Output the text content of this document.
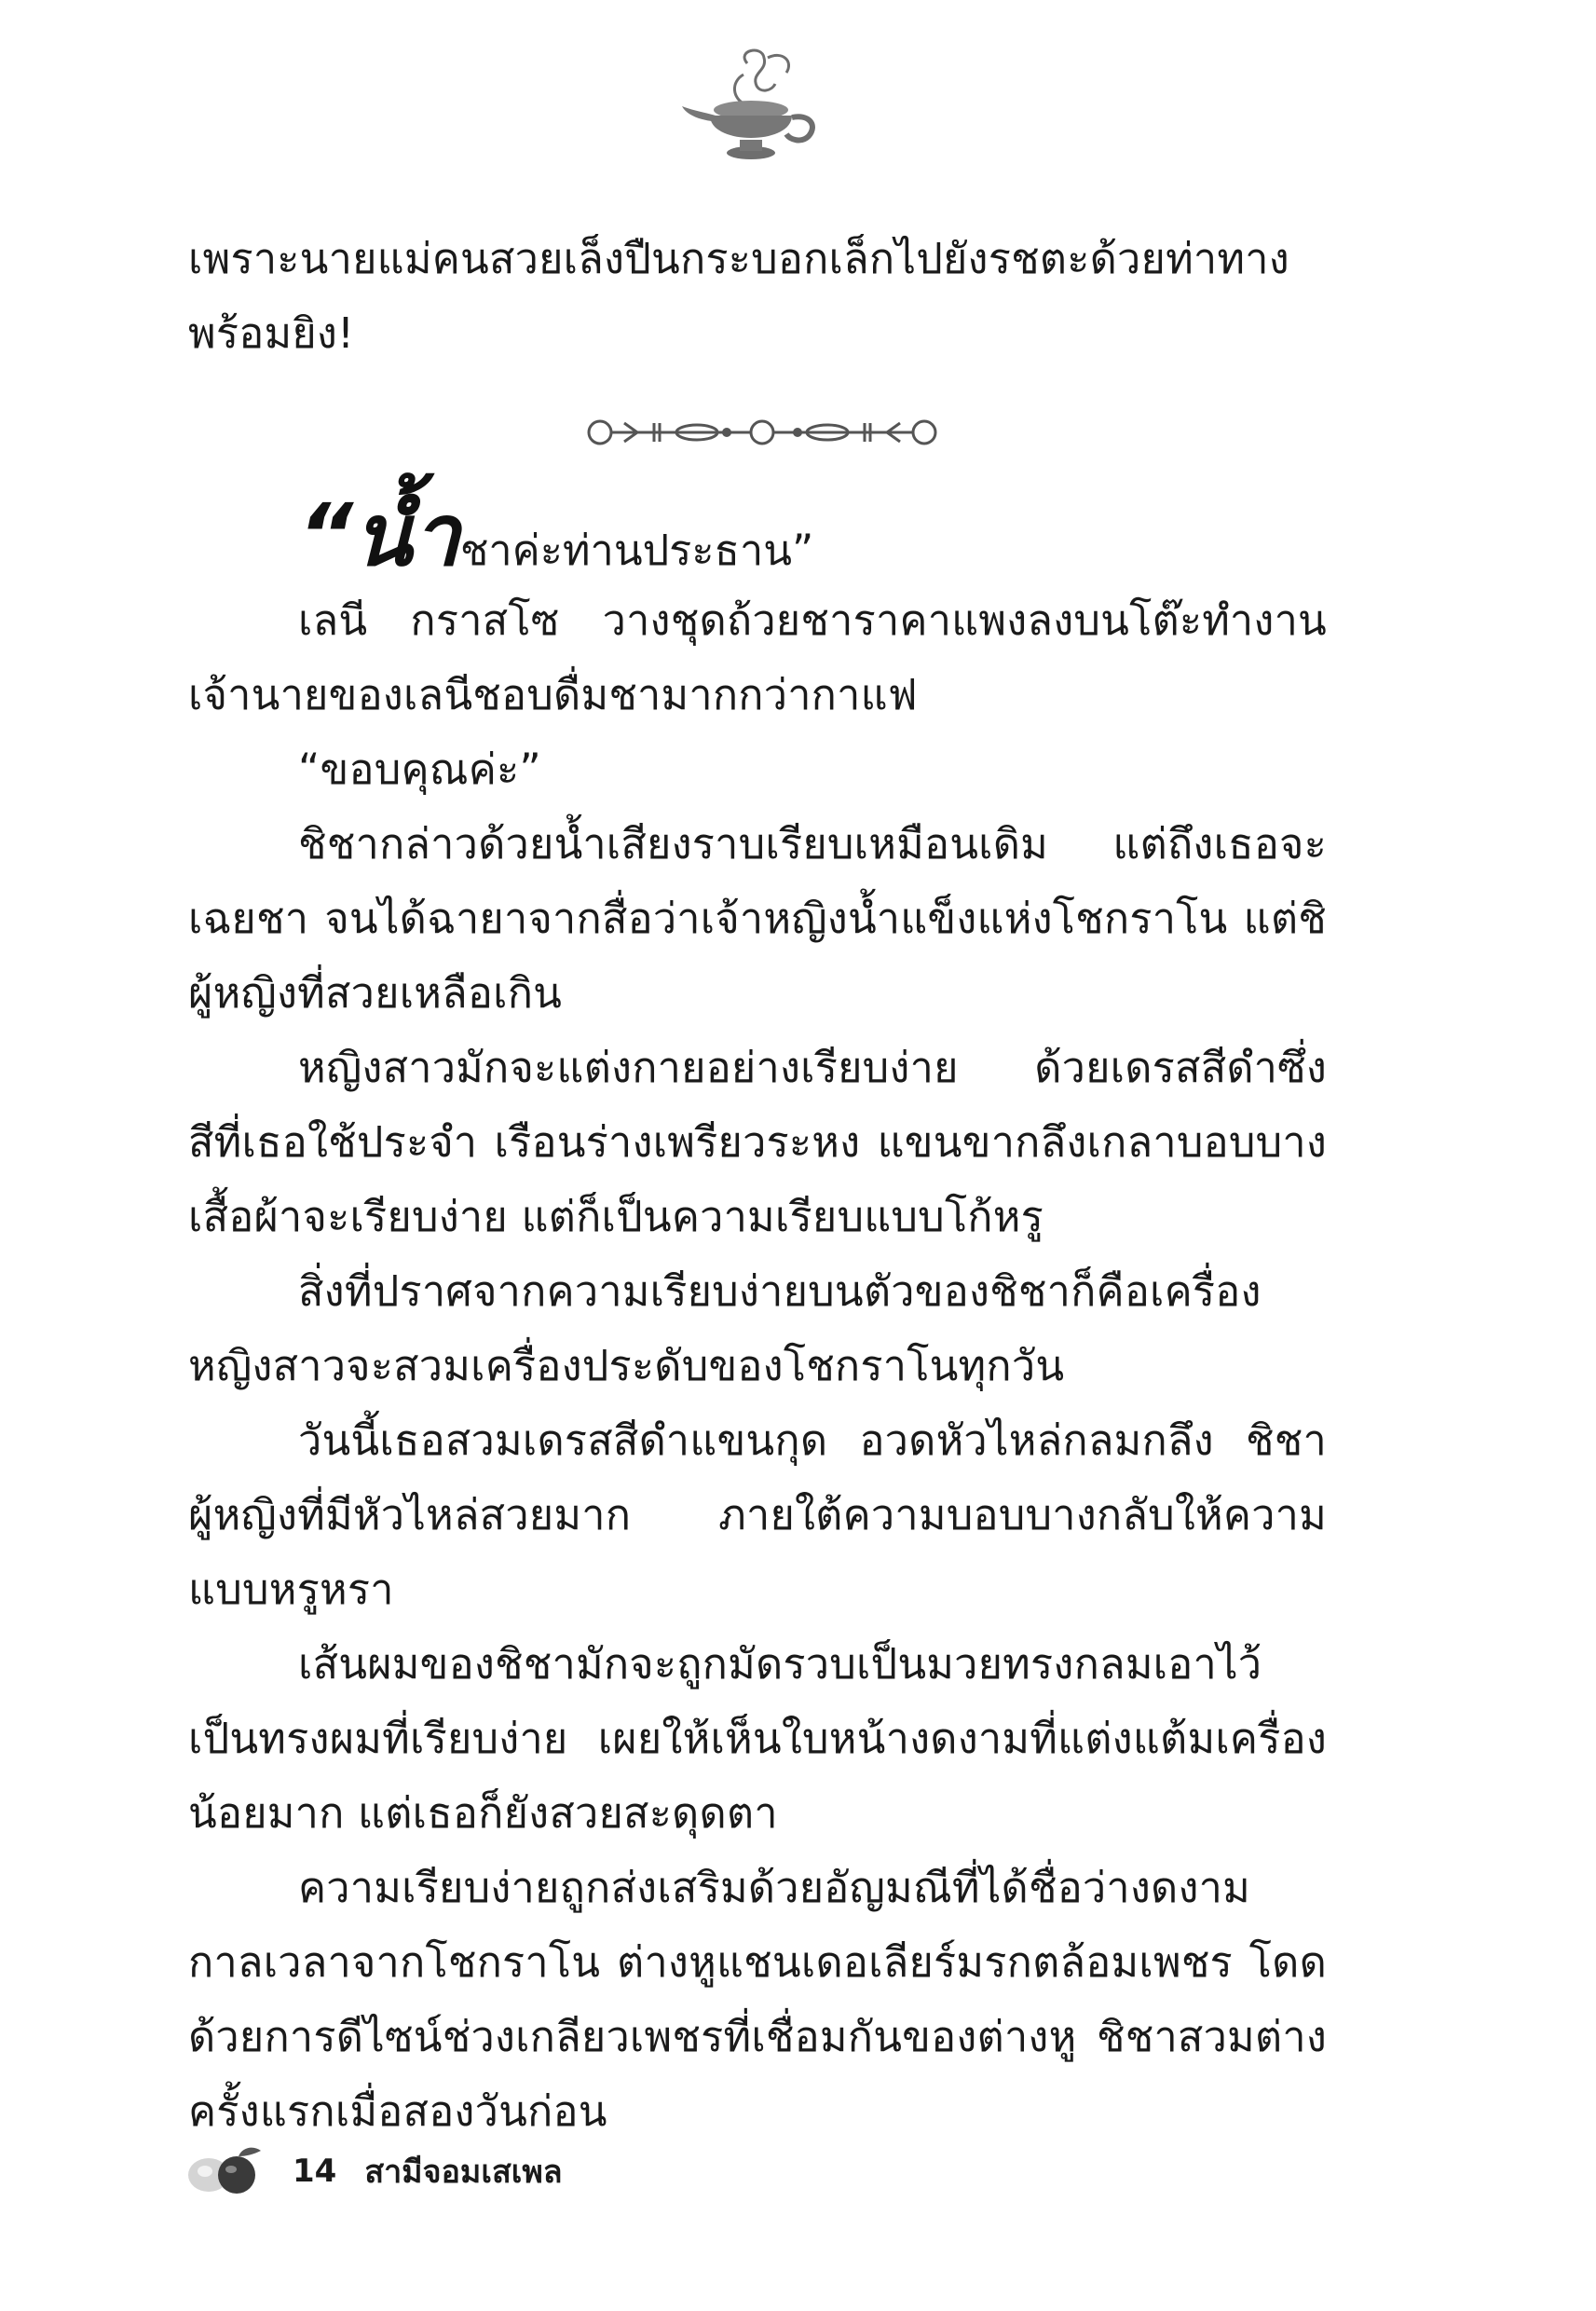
เพราะนายแม่คนสวยเล็งปืนกระบอกเล็กไปยังรชตะด้วยท่าทาง
พร้อมยิง!
“น้ำชาค่ะท่านประธาน”
เลนี กราสโซ วางชุดถ้วยชาราคาแพงลงบนโต๊ะทำงาน
เจ้านายของเลนีชอบดื่มชามากกว่ากาแฟ
“ขอบคุณค่ะ”
ชิชากล่าวด้วยน้ำเสียงราบเรียบเหมือนเดิม แต่ถึงเธอจะ
เฉยชา จนได้ฉายาจากสื่อว่าเจ้าหญิงน้ำแข็งแห่งโชกราโน แต่ชิ
ผู้หญิงที่สวยเหลือเกิน
หญิงสาวมักจะแต่งกายอย่างเรียบง่าย ด้วยเดรสสีดำซึ่ง
สีที่เธอใช้ประจำ เรือนร่างเพรียวระหง แขนขากลึงเกลาบอบบาง
เสื้อผ้าจะเรียบง่าย แต่ก็เป็นความเรียบแบบโก้หรู
สิ่งที่ปราศจากความเรียบง่ายบนตัวของชิชาก็คือเครื่อง
หญิงสาวจะสวมเครื่องประดับของโชกราโนทุกวัน
วันนี้เธอสวมเดรสสีดำแขนกุด อวดหัวไหล่กลมกลึง ชิชา
ผู้หญิงที่มีหัวไหล่สวยมาก ภายใต้ความบอบบางกลับให้ความ
แบบหรูหรา
เส้นผมของชิชามักจะถูกมัดรวบเป็นมวยทรงกลมเอาไว้
เป็นทรงผมที่เรียบง่าย เผยให้เห็นใบหน้างดงามที่แต่งแต้มเครื่อง
น้อยมาก แต่เธอก็ยังสวยสะดุดตา
ความเรียบง่ายถูกส่งเสริมด้วยอัญมณีที่ได้ชื่อว่างดงาม
กาลเวลาจากโชกราโน ต่างหูแชนเดอเลียร์มรกตล้อมเพชร โดด
ด้วยการดีไซน์ช่วงเกลียวเพชรที่เชื่อมกันของต่างหู ชิชาสวมต่าง
ครั้งแรกเมื่อสองวันก่อน
14 สามีจอมเสเพล
